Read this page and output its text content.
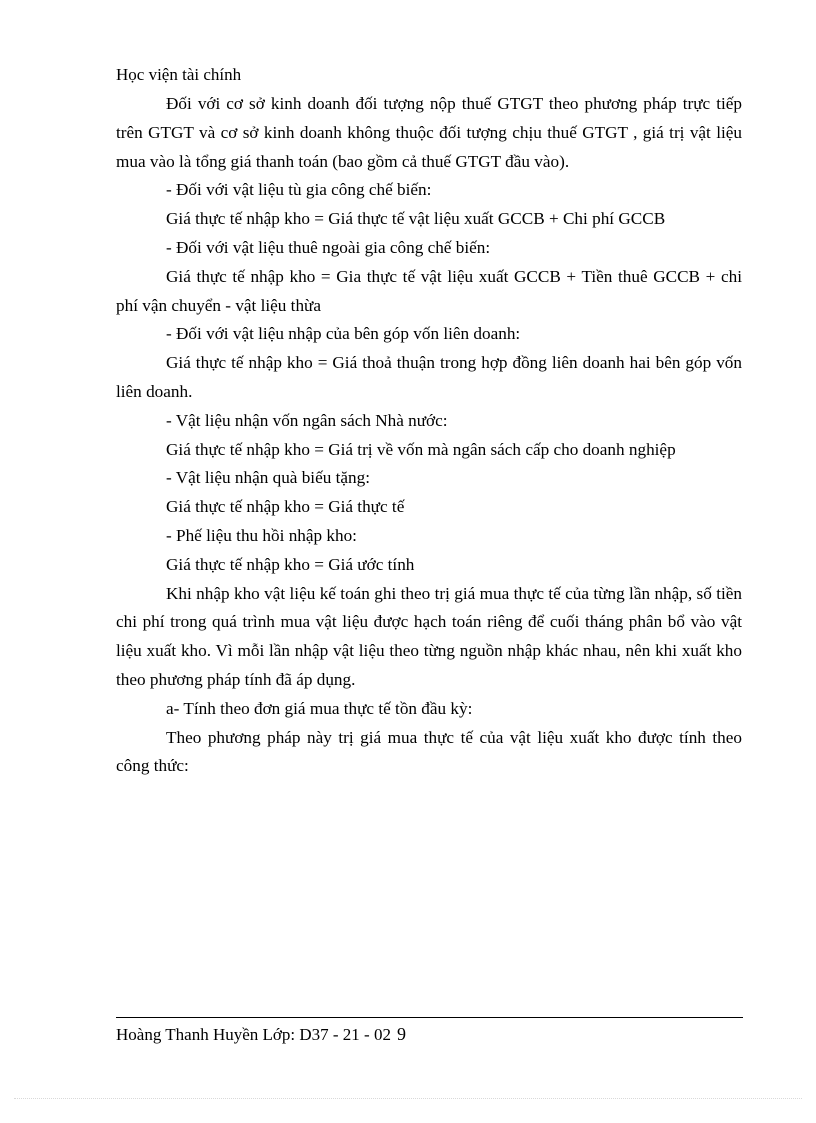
Học viện tài chính

Đối với cơ sở kinh doanh đối tượng nộp thuế GTGT theo phương pháp trực tiếp trên GTGT và cơ sở kinh doanh không thuộc đối tượng chịu thuế GTGT , giá trị vật liệu mua vào là tổng giá thanh toán (bao gồm cả thuế GTGT đầu vào).

- Đối với vật liệu tù gia công chế biến:

Giá thực tế nhập kho = Giá thực tế vật liệu xuất GCCB + Chi phí GCCB

- Đối với vật liệu thuê ngoài gia công chế biến:

Giá thực tế nhập kho = Gia thực tế vật liệu xuất GCCB + Tiền thuê GCCB + chi phí vận chuyển - vật liệu thừa

- Đối với vật liệu nhập của bên góp vốn liên doanh:

Giá thực tế nhập kho = Giá thoả thuận trong hợp đồng liên doanh hai bên góp vốn liên doanh.

- Vật liệu nhận vốn ngân sách Nhà nước:

Giá thực tế nhập kho = Giá trị về vốn mà ngân sách cấp cho doanh nghiệp

- Vật liệu nhận quà biếu tặng:

Giá thực tế nhập kho = Giá thực tế

- Phế liệu thu hồi nhập kho:

Giá thực tế nhập kho = Giá ước tính

Khi nhập kho vật liệu kế toán ghi theo trị giá mua thực tế của từng lần nhập, số tiền chi phí trong quá trình mua vật liệu được hạch toán riêng để cuối tháng phân bổ vào vật liệu xuất kho. Vì mỗi lần nhập vật liệu theo từng nguồn nhập khác nhau, nên khi xuất kho theo phương pháp tính đã áp dụng.

a- Tính theo đơn giá mua thực tế tồn đầu kỳ:

Theo phương pháp này trị giá mua thực tế của vật liệu xuất kho được tính theo công thức:

Hoàng Thanh Huyền Lớp: D37 - 21 - 02 9
